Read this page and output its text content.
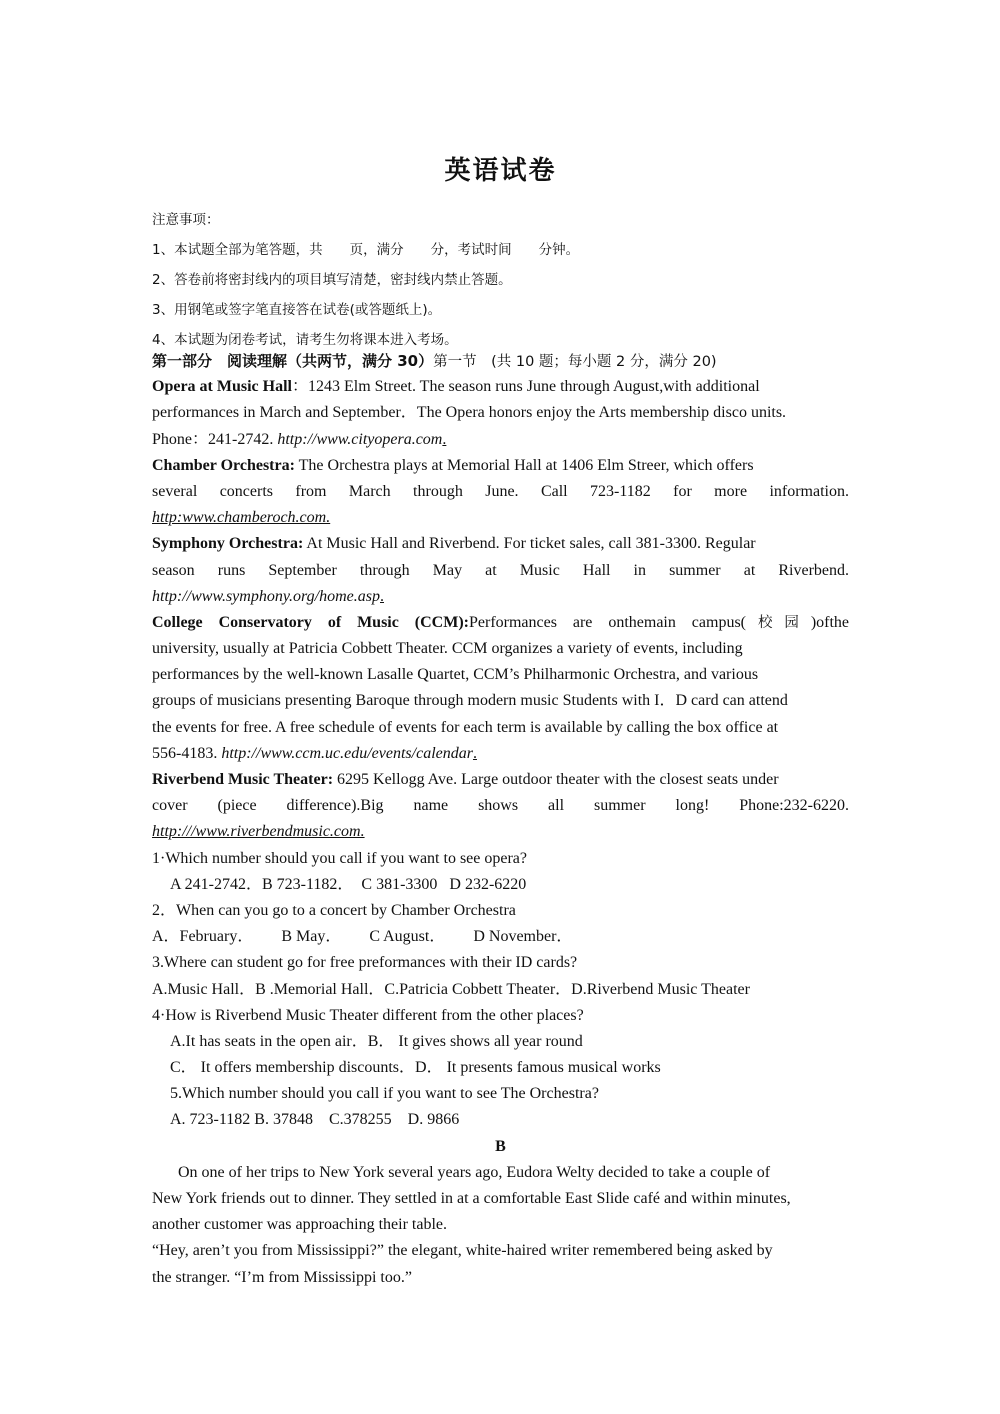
英语试卷
注意事项：
1、本试题全部为笔答题，共　　页，满分　　分，考试时间　　分钟。
2、答卷前将密封线内的项目填写清楚，密封线内禁止答题。
3、用钢笔或签字笔直接答在试卷(或答题纸上)。
4、本试题为闭卷考试，请考生勿将课本进入考场。
第一部分　阅读理解（共两节，满分 30）第一节　(共 10 题；每小题 2 分，满分 20)
Opera at Music Hall：1243 Elm Street. The season runs June through August,with additional
performances in March and September．The Opera honors enjoy the Arts membership disco units.
Phone：241-2742. http://www.cityopera.com.
Chamber Orchestra: The Orchestra plays at Memorial Hall at 1406 Elm Streer, which offers
several concerts from March through June. Call 723-1182 for more information.
http:www.chamberoch.com.
Symphony Orchestra: At Music Hall and Riverbend. For ticket sales, call 381-3300. Regular
season runs September through May at Music Hall in summer at Riverbend.
http://www.symphony.org/home.asp.
College Conservatory of Music (CCM):Performances are onthemain campus(校园)ofthe
university, usually at Patricia Cobbett Theater. CCM organizes a variety of events, including
performances by the well-known Lasalle Quartet, CCM’s Philharmonic Orchestra, and various
groups of musicians presenting Baroque through modern music Students with I．D card can attend
the events for free. A free schedule of events for each term is available by calling the box office at
556-4183. http://www.ccm.uc.edu/events/calendar.
Riverbend Music Theater: 6295 Kellogg Ave. Large outdoor theater with the closest seats under
cover (piece difference).Big name shows all summer long! Phone:232-6220.
http:///www.riverbendmusic.com.
1·Which number should you call if you want to see opera?
A 241-2742．B 723-1182．  C 381-3300   D 232-6220
2．When can you go to a concert by Chamber Orchestra
A．February．       B May．       C August．       D November．
3.Where can student go for free preformances with their ID cards?
A.Music Hall．B .Memorial Hall．C.Patricia Cobbett Theater．D.Riverbend Music Theater
4·How is Riverbend Music Theater different from the other places?
A.It has seats in the open air．B． It gives shows all year round
C． It offers membership discounts．D． It presents famous musical works
5.Which number should you call if you want to see The Orchestra?
A. 723-1182 B. 37848    C.378255    D. 9866
B
On one of her trips to New York several years ago, Eudora Welty decided to take a couple of
New York friends out to dinner. They settled in at a comfortable East Slide café and within minutes,
another customer was approaching their table.
“Hey, aren’t you from Mississippi?” the elegant, white-haired writer remembered being asked by
the stranger. “I’m from Mississippi too.”
